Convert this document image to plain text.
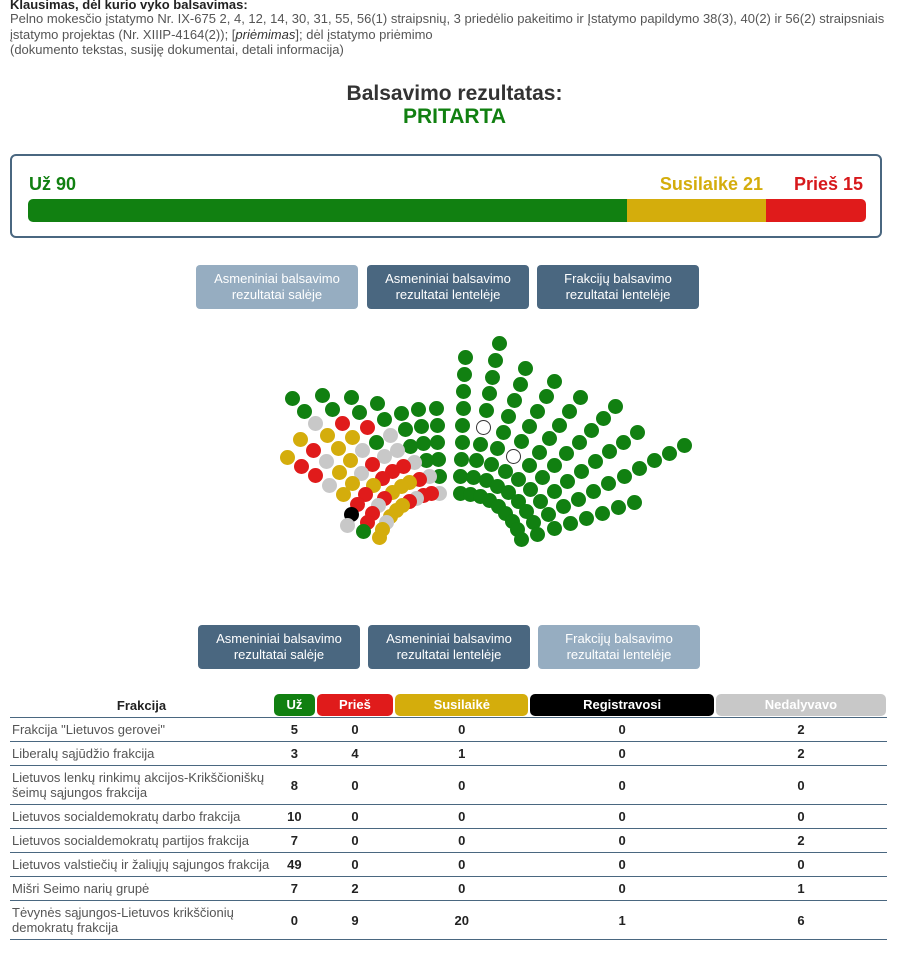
Klausimas, dėl kurio vyko balsavimas:
Pelno mokesčio įstatymo Nr. IX-675 2, 4, 12, 14, 30, 31, 55, 56(1) straipsnių, 3 priedėlio pakeitimo ir Įstatymo papildymo 38(3), 40(2) ir 56(2) straipsniais įstatymo projektas (Nr. XIIIP-4164(2)); [priėmimas]; dėl įstatymo priėmimo
(dokumento tekstas, susiję dokumentai, detali informacija)
Balsavimo rezultatas:
PRITARTA
Už 90	Susilaikė 21 Prieš 15
Asmeniniai balsavimo rezultatai salėje
Asmeniniai balsavimo rezultatai lentelėje
Frakcijų balsavimo rezultatai lentelėje
Asmeniniai balsavimo rezultatai salėje
Asmeniniai balsavimo rezultatai lentelėje
Frakcijų balsavimo rezultatai lentelėje
Frakcija	Už	Prieš	Susilaikė	Registravosi	Nedalyvavo

Frakcija "Lietuvos gerovei"	5	0	0	0	2
Liberalų sąjūdžio frakcija	3	4	1	0	2
Lietuvos lenkų rinkimų akcijos-Krikščioniškų šeimų sąjungos frakcija	8	0	0	0	0
Lietuvos socialdemokratų darbo frakcija	10	0	0	0	0
Lietuvos socialdemokratų partijos frakcija	7	0	0	0	2
Lietuvos valstiečių ir žaliųjų sąjungos frakcija	49	0	0	0	0
Mišri Seimo narių grupė	7	2	0	0	1
Tėvynės sąjungos-Lietuvos krikščionių demokratų frakcija	0	9	20	1	6
